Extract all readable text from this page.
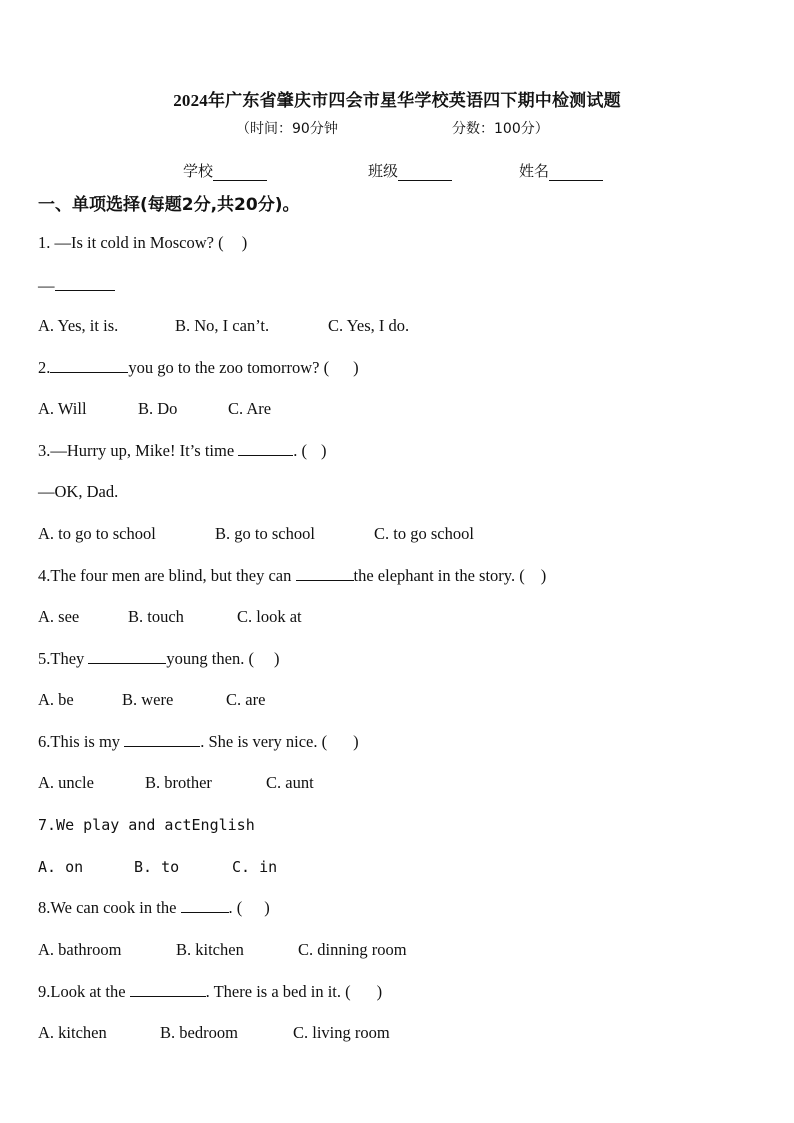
2024年广东省肇庆市四会市星华学校英语四下期中检测试题
（时间：90分钟	分数：100分）
学校	班级	姓名
一、单项选择(每题2分,共20分)。
1. —Is it cold in Moscow? ( )
—
A. Yes, it is.	B. No, I can’t.	C. Yes, I do.
2.	you go to the zoo tomorrow? ( )
A. Will	B. Do	C. Are
3.—Hurry up, Mike! It’s time	. ( )
—OK, Dad.
A. to go to school	B. go to school	C. to go school
4.The four men are blind, but they can	the elephant in the story. ( )
A. see	B. touch	C. look at
5.They	young then. ( )
A. be	B. were	C. are
6.This is my	. She is very nice. ( )
A. uncle	B. brother	C. aunt
7.We play and actEnglish
A. on	B. to	C. in
8.We can cook in the	. ( )
A. bathroom	B. kitchen	C. dinning room
9.Look at the	. There is a bed in it. ( )
A. kitchen	B. bedroom	C. living room
